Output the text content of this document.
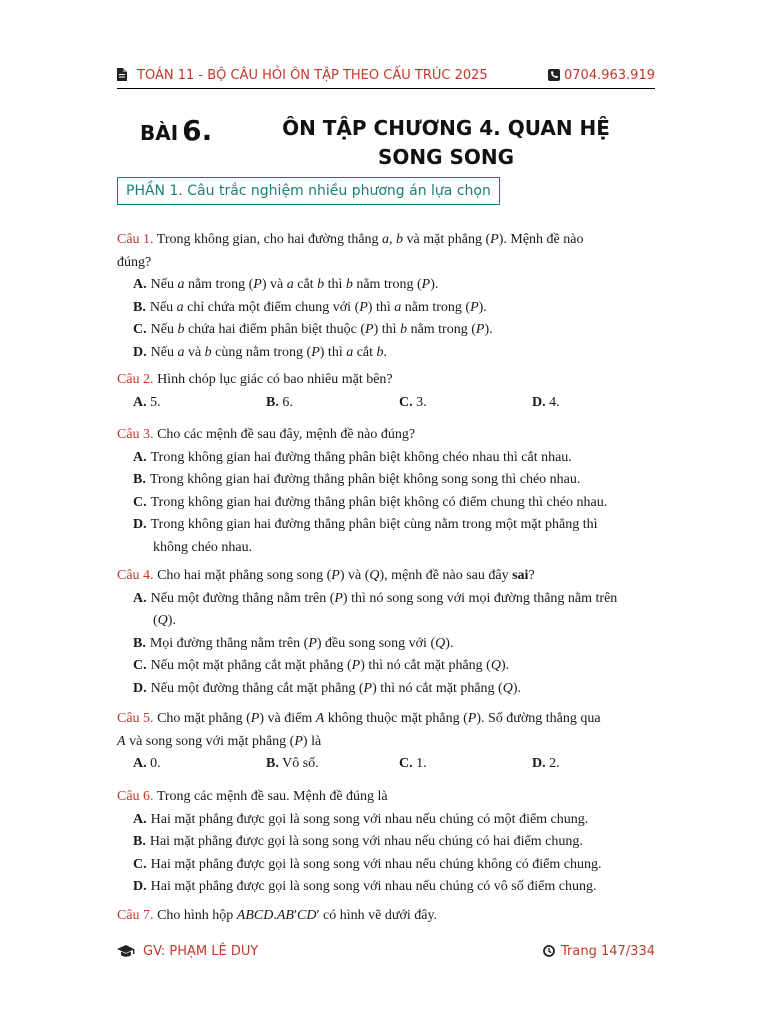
TOÁN 11 - BỘ CÂU HỎI ÔN TẬP THEO CẤU TRÚC 2025	0704.963.919
BÀI 6.	ÔN TẬP CHƯƠNG 4. QUAN HỆ SONG SONG
PHẦN 1. Câu trắc nghiệm nhiều phương án lựa chọn
Câu 1. Trong không gian, cho hai đường thẳng a, b và mặt phẳng (P). Mệnh đề nào
đúng?
A. Nếu a nằm trong (P) và a cắt b thì b nằm trong (P).
B. Nếu a chỉ chứa một điểm chung với (P) thì a nằm trong (P).
C. Nếu b chứa hai điểm phân biệt thuộc (P) thì b nằm trong (P).
D. Nếu a và b cùng nằm trong (P) thì a cắt b.
Câu 2. Hình chóp lục giác có bao nhiêu mặt bên?
A. 5.	B. 6.	C. 3.	D. 4.
Câu 3. Cho các mệnh đề sau đây, mệnh đề nào đúng?
A. Trong không gian hai đường thẳng phân biệt không chéo nhau thì cắt nhau.
B. Trong không gian hai đường thẳng phân biệt không song song thì chéo nhau.
C. Trong không gian hai đường thẳng phân biệt không có điểm chung thì chéo nhau.
D. Trong không gian hai đường thẳng phân biệt cùng nằm trong một mặt phẳng thì
không chéo nhau.
Câu 4. Cho hai mặt phẳng song song (P) và (Q), mệnh đề nào sau đây sai?
A. Nếu một đường thẳng nằm trên (P) thì nó song song với mọi đường thẳng nằm trên
(Q).
B. Mọi đường thẳng nằm trên (P) đều song song với (Q).
C. Nếu một mặt phẳng cắt mặt phẳng (P) thì nó cắt mặt phẳng (Q).
D. Nếu một đường thẳng cắt mặt phẳng (P) thì nó cắt mặt phẳng (Q).
Câu 5. Cho mặt phẳng (P) và điểm A không thuộc mặt phẳng (P). Số đường thẳng qua
A và song song với mặt phẳng (P) là
A. 0.	B. Vô số.	C. 1.	D. 2.
Câu 6. Trong các mệnh đề sau. Mệnh đề đúng là
A. Hai mặt phẳng được gọi là song song với nhau nếu chúng có một điểm chung.
B. Hai mặt phẳng được gọi là song song với nhau nếu chúng có hai điểm chung.
C. Hai mặt phẳng được gọi là song song với nhau nếu chúng không có điểm chung.
D. Hai mặt phẳng được gọi là song song với nhau nếu chúng có vô số điểm chung.
Câu 7. Cho hình hộp ABCD.AB′CD′ có hình vẽ dưới đây.
GV: PHẠM LÊ DUY	Trang 147/334
